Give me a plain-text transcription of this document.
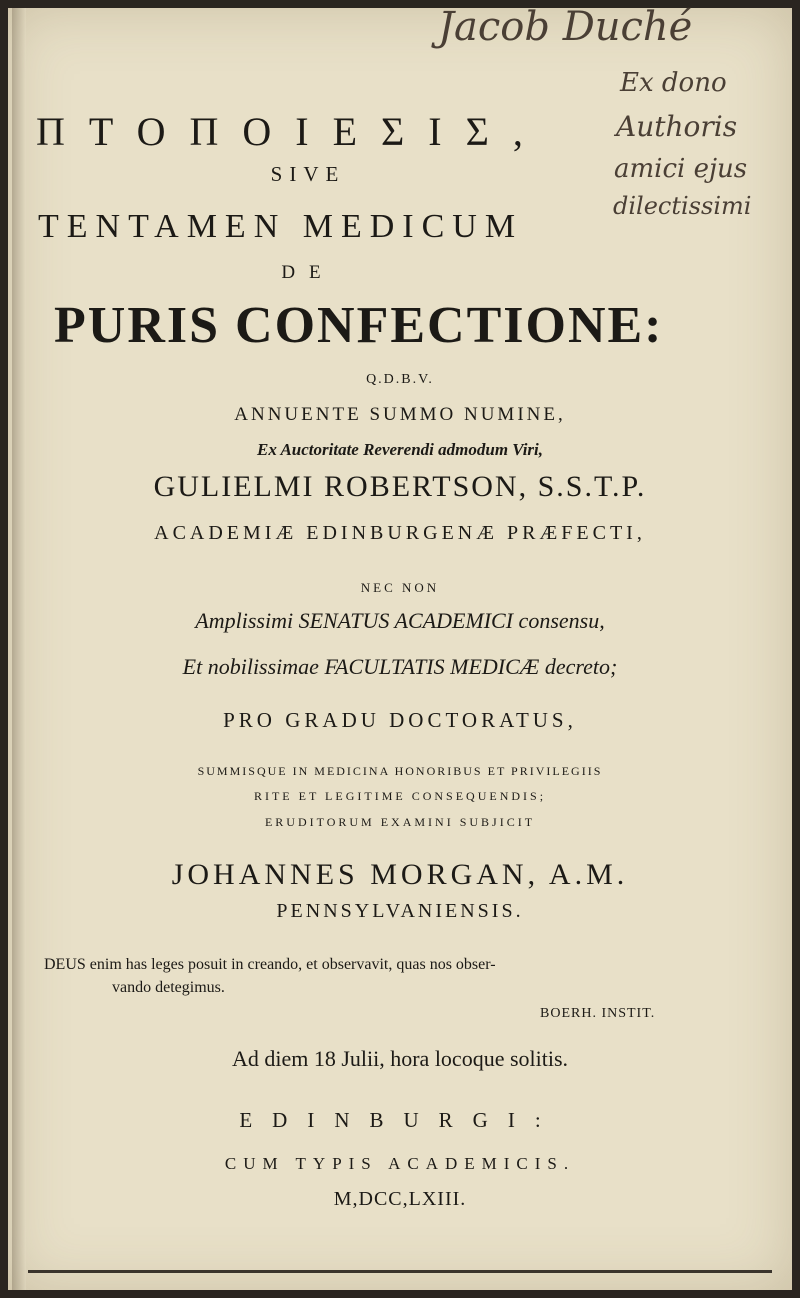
Jacob Duché
Ex dono
Authoris
amici ejus
dilectissimi
ΠΤΟΠΟΙΕΣΙΣ,
SIVE
TENTAMEN MEDICUM
DE
PURIS CONFECTIONE:
Q.D.B.V.
ANNUENTE SUMMO NUMINE,
Ex Auctoritate Reverendi admodum Viri,
GULIELMI ROBERTSON, S.S.T.P.
ACADEMIÆ EDINBURGENÆ PRÆFECTI,
NEC NON
Amplissimi SENATUS ACADEMICI consensu,
Et nobilissimae FACULTATIS MEDICÆ decreto;
PRO GRADU DOCTORATUS,
SUMMISQUE IN MEDICINA HONORIBUS ET PRIVILEGIIS
RITE ET LEGITIME CONSEQUENDIS;
ERUDITORUM EXAMINI SUBJICIT
JOHANNES MORGAN, A.M.
PENNSYLVANIENSIS.
DEUS enim has leges posuit in creando, et observavit, quas nos obser-
vando detegimus.
BOERH. INSTIT.
Ad diem 18 Julii, hora locoque solitis.
EDINBURGI:
CUM TYPIS ACADEMICIS.
M,DCC,LXIII.
